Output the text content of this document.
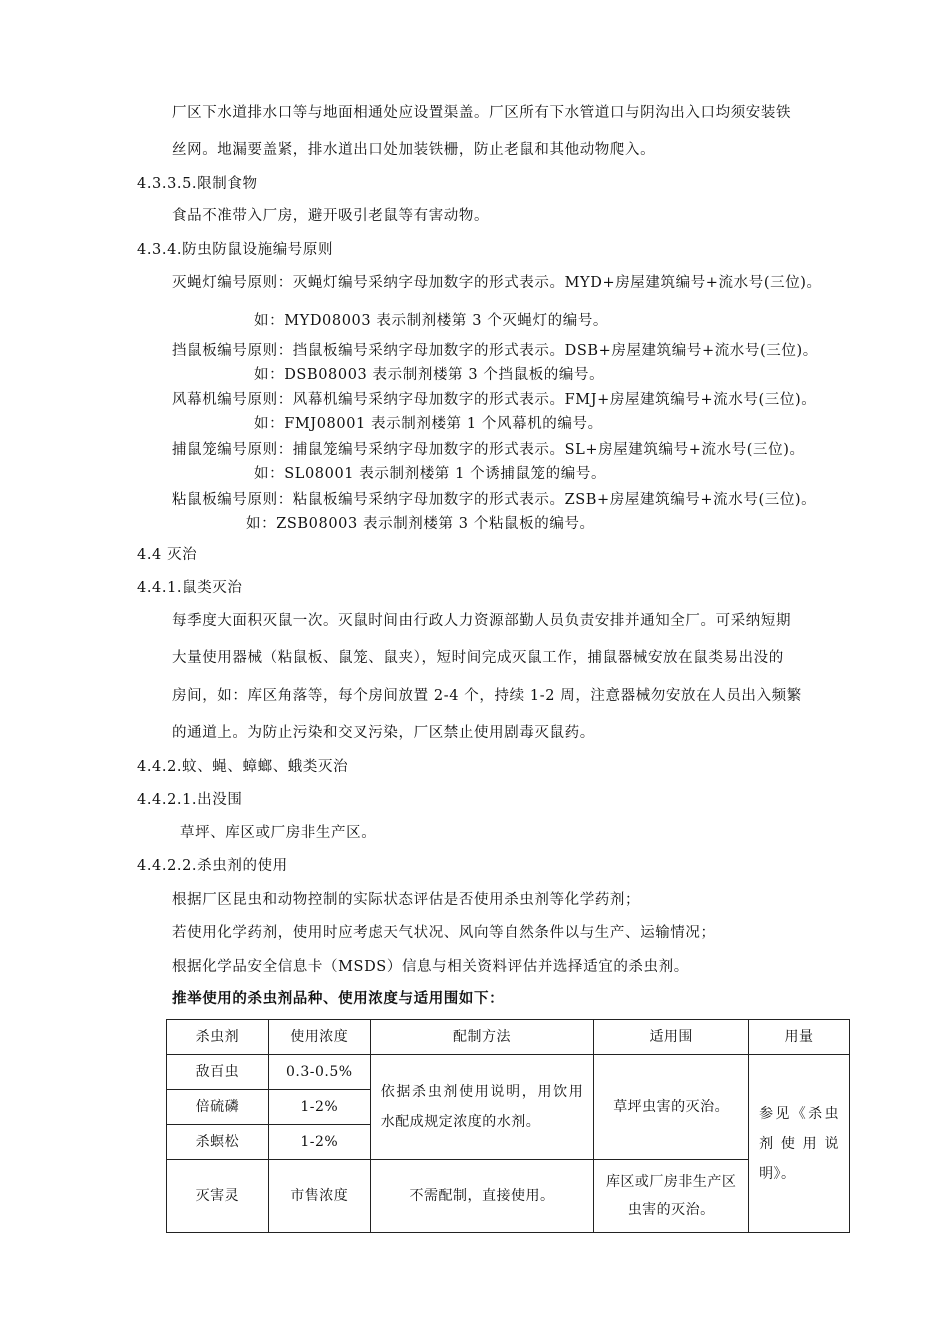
厂区下水道排水口等与地面相通处应设置渠盖。厂区所有下水管道口与阴沟出入口均须安装铁
丝网。地漏要盖紧，排水道出口处加装铁栅，防止老鼠和其他动物爬入。
4.3.3.5.限制食物
食品不准带入厂房，避开吸引老鼠等有害动物。
4.3.4.防虫防鼠设施编号原则
灭蝇灯编号原则：灭蝇灯编号采纳字母加数字的形式表示。MYD+房屋建筑编号+流水号(三位)。
如：MYD08003 表示制剂楼第 3 个灭蝇灯的编号。
挡鼠板编号原则：挡鼠板编号采纳字母加数字的形式表示。DSB+房屋建筑编号+流水号(三位)。
如：DSB08003 表示制剂楼第 3 个挡鼠板的编号。
风幕机编号原则：风幕机编号采纳字母加数字的形式表示。FMJ+房屋建筑编号+流水号(三位)。
如：FMJ08001 表示制剂楼第 1 个风幕机的编号。
捕鼠笼编号原则：捕鼠笼编号采纳字母加数字的形式表示。SL+房屋建筑编号+流水号(三位)。
如：SL08001 表示制剂楼第 1 个诱捕鼠笼的编号。
粘鼠板编号原则：粘鼠板编号采纳字母加数字的形式表示。ZSB+房屋建筑编号+流水号(三位)。
如：ZSB08003 表示制剂楼第 3 个粘鼠板的编号。
4.4 灭治
4.4.1.鼠类灭治
每季度大面积灭鼠一次。灭鼠时间由行政人力资源部勤人员负责安排并通知全厂。可采纳短期
大量使用器械（粘鼠板、鼠笼、鼠夹），短时间完成灭鼠工作，捕鼠器械安放在鼠类易出没的
房间，如：库区角落等，每个房间放置 2-4 个，持续 1-2 周，注意器械勿安放在人员出入频繁
的通道上。为防止污染和交叉污染，厂区禁止使用剧毒灭鼠药。
4.4.2.蚊、蝇、蟑螂、蛾类灭治
4.4.2.1.出没围
草坪、库区或厂房非生产区。
4.4.2.2.杀虫剂的使用
根据厂区昆虫和动物控制的实际状态评估是否使用杀虫剂等化学药剂；
若使用化学药剂，使用时应考虑天气状况、风向等自然条件以与生产、运输情况；
根据化学品安全信息卡（MSDS）信息与相关资料评估并选择适宜的杀虫剂。
推举使用的杀虫剂品种、使用浓度与适用围如下：
杀虫剂	使用浓度	配制方法	适用围	用量
敌百虫	0.3-0.5%	依据杀虫剂使用说明，用饮用水配成规定浓度的水剂。	草坪虫害的灭治。	参见《杀虫剂使用说明》。
倍硫磷	1-2%			
杀螟松	1-2%			
灭害灵	市售浓度	不需配制，直接使用。	库区或厂房非生产区虫害的灭治。	
